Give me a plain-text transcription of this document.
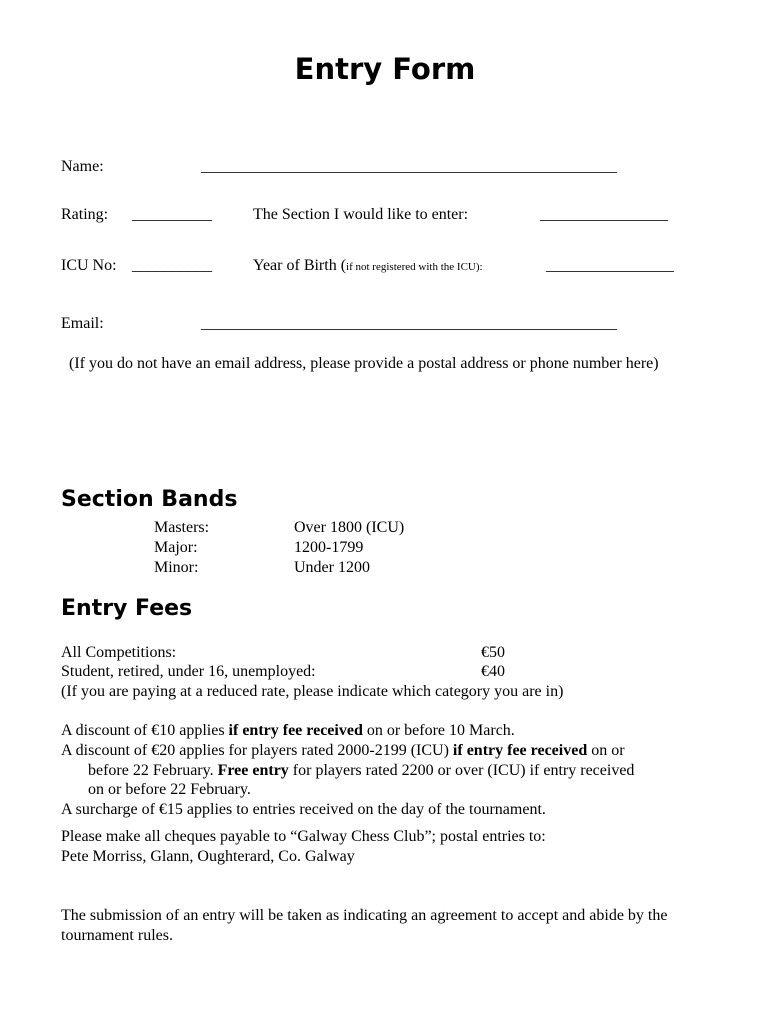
Entry Form
Name:	____________________________________________________
Rating: __________	The Section I would like to enter:	________________
ICU No: __________	Year of Birth (if not registered with the ICU):	________________
Email:	____________________________________________________
(If you do not have an email address, please provide a postal address or phone number here)
Section Bands
Masters:	Over 1800 (ICU)
Major:	1200-1799
Minor:	Under 1200
Entry Fees
All Competitions:	€50
Student, retired, under 16, unemployed:	€40
(If you are paying at a reduced rate, please indicate which category you are in)
A discount of €10 applies if entry fee received on or before 10 March.
A discount of €20 applies for players rated 2000-2199 (ICU) if entry fee received on or
before 22 February. Free entry for players rated 2200 or over (ICU) if entry received
on or before 22 February.
A surcharge of €15 applies to entries received on the day of the tournament.
Please make all cheques payable to “Galway Chess Club”; postal entries to:
Pete Morriss, Glann, Oughterard, Co. Galway
The submission of an entry will be taken as indicating an agreement to accept and abide by the tournament rules.
